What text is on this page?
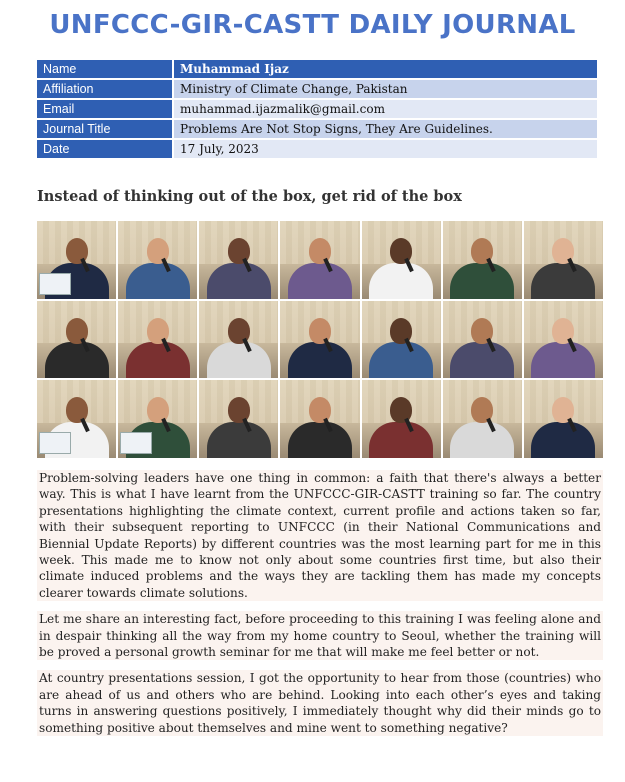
UNFCCC-GIR-CASTT DAILY JOURNAL
Name	Muhammad Ijaz
Affiliation	Ministry of Climate Change, Pakistan
Email	muhammad.ijazmalik@gmail.com
Journal Title	Problems Are Not Stop Signs, They Are Guidelines.
Date	17 July, 2023
Instead of thinking out of the box, get rid of the box

Problem-solving leaders have one thing in common: a faith that there's always a better way. This is what I have learnt from the UNFCCC-GIR-CASTT training so far. The country presentations highlighting the climate context, current profile and actions taken so far, with their subsequent reporting to UNFCCC (in their National Communications and Biennial Update Reports) by different countries was the most learning part for me in this week. This made me to know not only about some countries first time, but also their climate induced problems and the ways they are tackling them has made my concepts clearer towards climate solutions.

Let me share an interesting fact, before proceeding to this training I was feeling alone and in despair thinking all the way from my home country to Seoul, whether the training will be proved a personal growth seminar for me that will make me feel better or not.

At country presentations session, I got the opportunity to hear from those (countries) who are ahead of us and others who are behind. Looking into each other’s eyes and taking turns in answering questions positively, I immediately thought why did their minds go to something positive about themselves and mine went to something negative?
